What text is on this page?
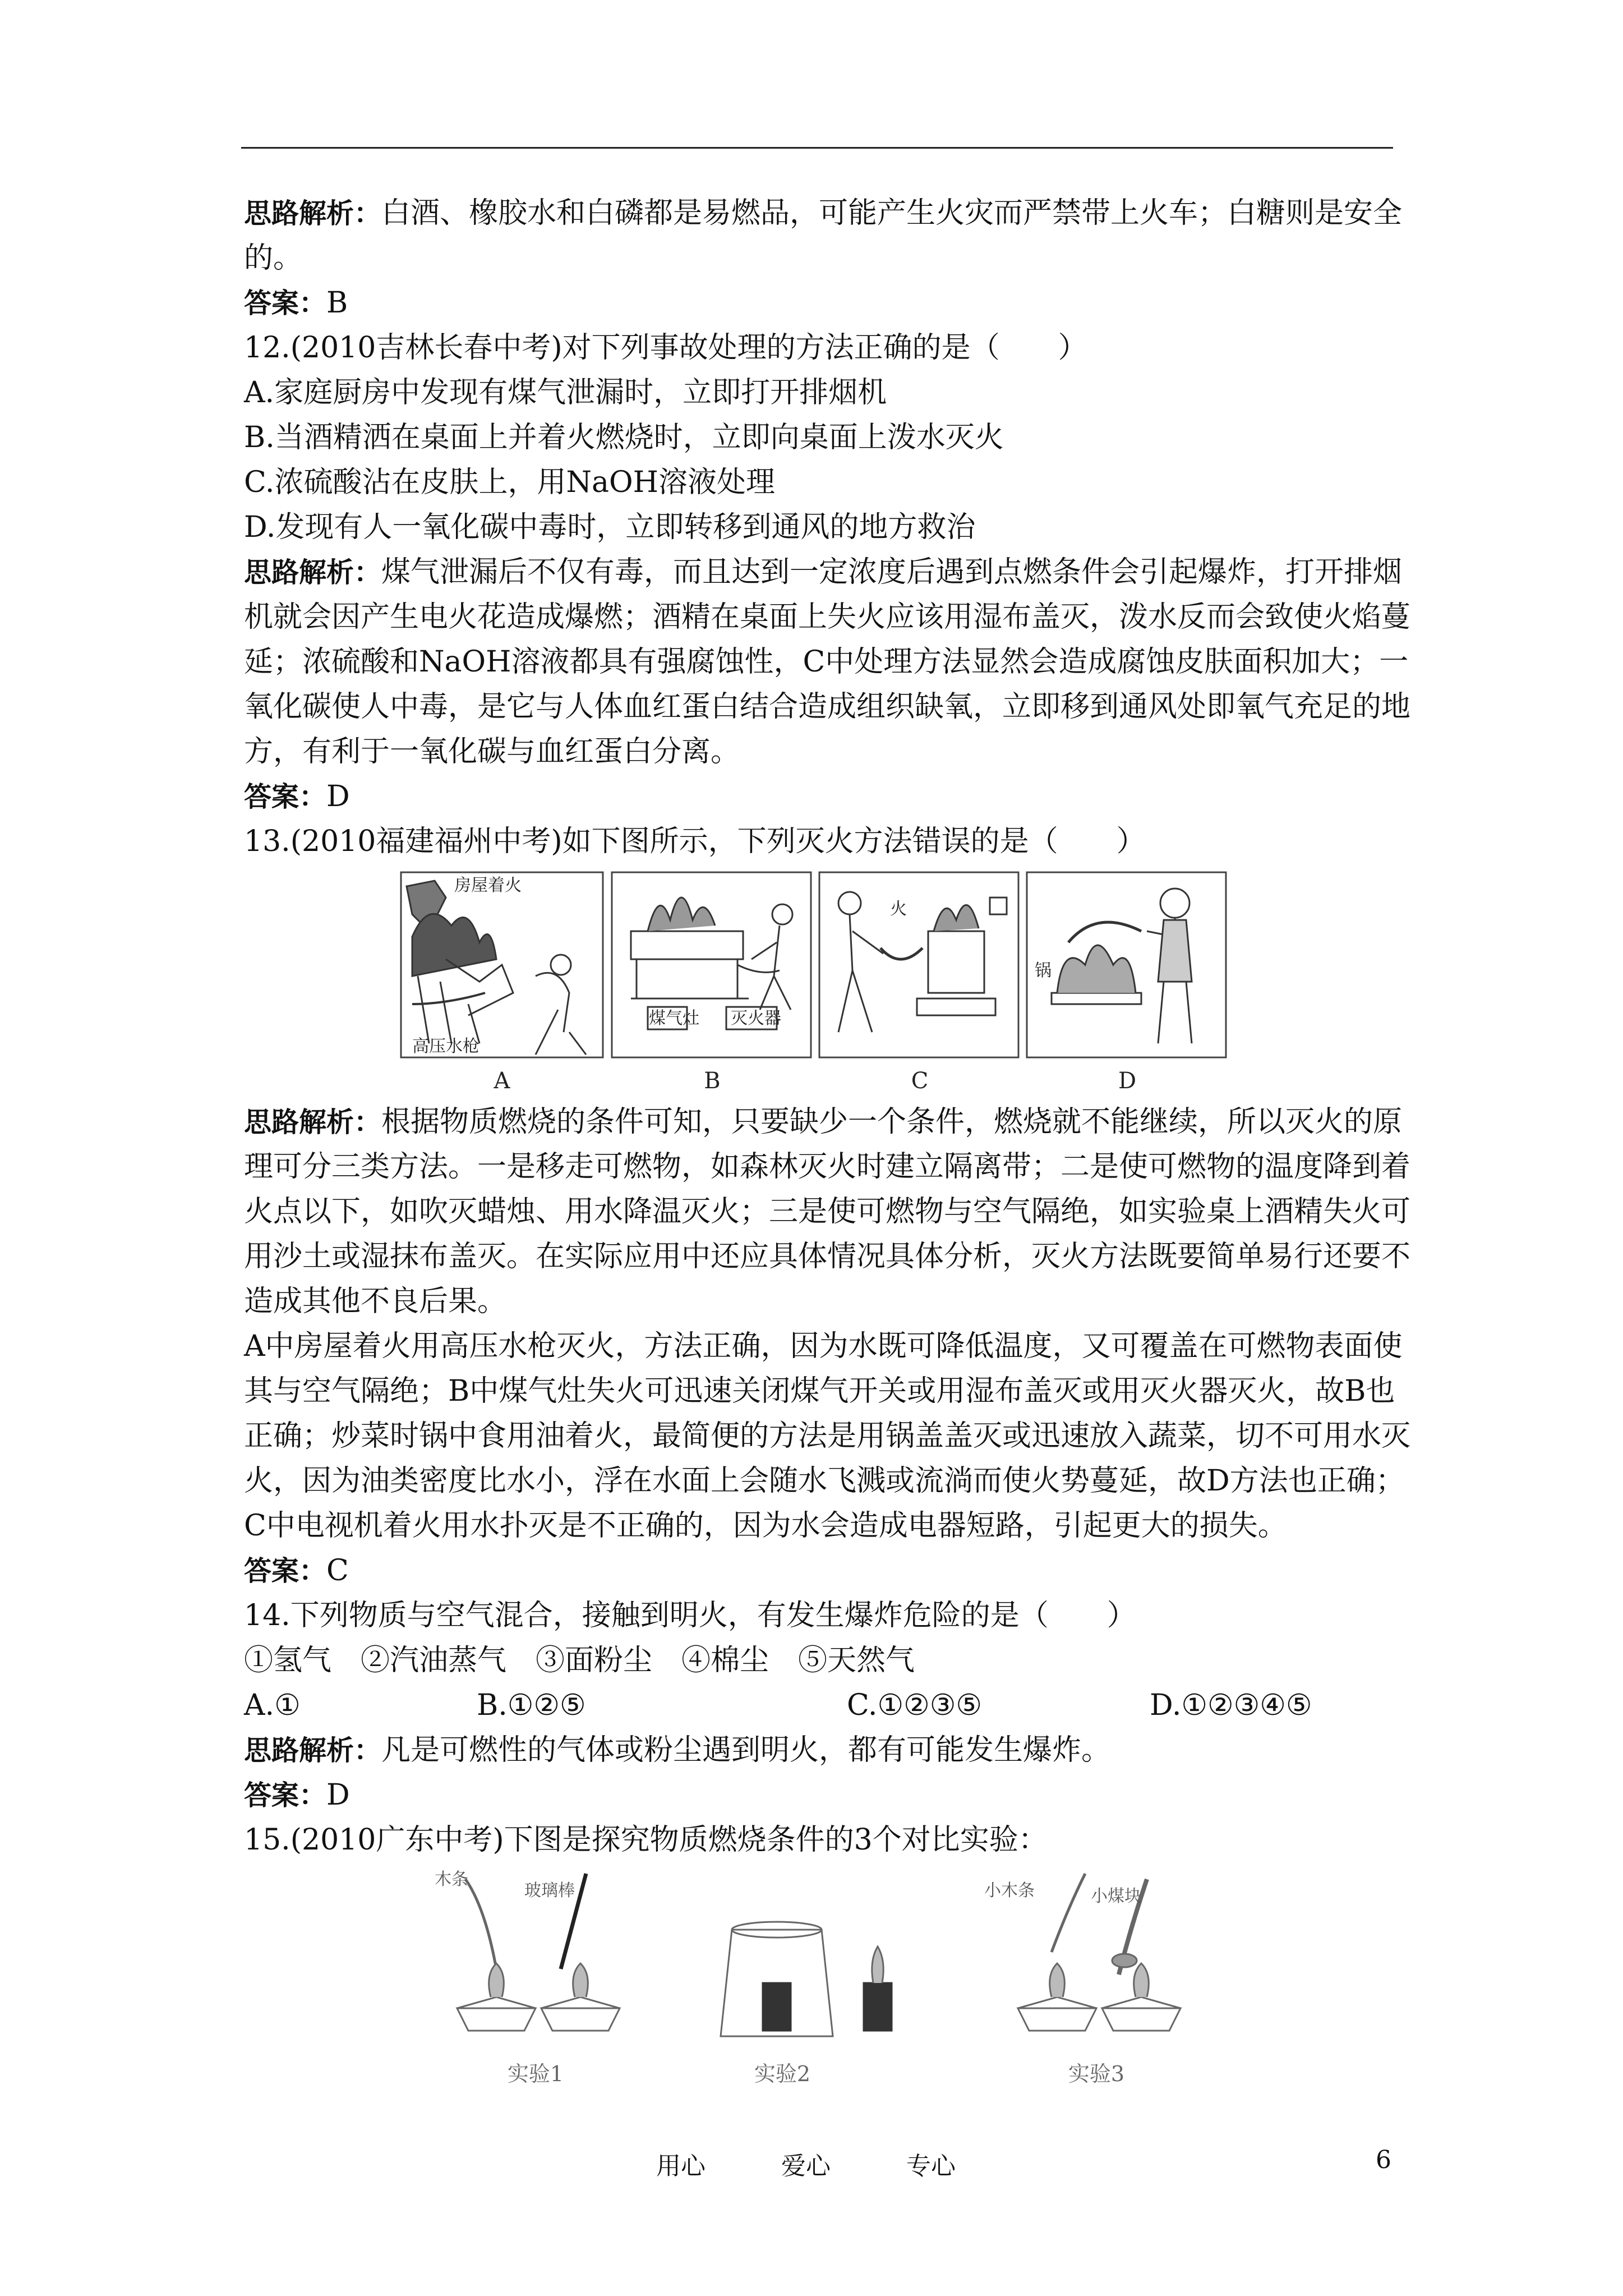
思路解析：白酒、橡胶水和白磷都是易燃品，可能产生火灾而严禁带上火车；白糖则是安全
的。
答案：B
12.(2010吉林长春中考)对下列事故处理的方法正确的是（　　）
A.家庭厨房中发现有煤气泄漏时，立即打开排烟机
B.当酒精洒在桌面上并着火燃烧时，立即向桌面上泼水灭火
C.浓硫酸沾在皮肤上，用NaOH溶液处理
D.发现有人一氧化碳中毒时，立即转移到通风的地方救治
思路解析：煤气泄漏后不仅有毒，而且达到一定浓度后遇到点燃条件会引起爆炸，打开排烟
机就会因产生电火花造成爆燃；酒精在桌面上失火应该用湿布盖灭，泼水反而会致使火焰蔓
延；浓硫酸和NaOH溶液都具有强腐蚀性，C中处理方法显然会造成腐蚀皮肤面积加大；一
氧化碳使人中毒，是它与人体血红蛋白结合造成组织缺氧，立即移到通风处即氧气充足的地
方，有利于一氧化碳与血红蛋白分离。
答案：D
13.(2010福建福州中考)如下图所示，下列灭火方法错误的是（　　）
房屋着火
高压水枪
煤气灶 灭火器
火
锅
A	B	C	D
思路解析：根据物质燃烧的条件可知，只要缺少一个条件，燃烧就不能继续，所以灭火的原
理可分三类方法。一是移走可燃物，如森林灭火时建立隔离带；二是使可燃物的温度降到着
火点以下，如吹灭蜡烛、用水降温灭火；三是使可燃物与空气隔绝，如实验桌上酒精失火可
用沙土或湿抹布盖灭。在实际应用中还应具体情况具体分析，灭火方法既要简单易行还要不
造成其他不良后果。
A中房屋着火用高压水枪灭火，方法正确，因为水既可降低温度，又可覆盖在可燃物表面使
其与空气隔绝；B中煤气灶失火可迅速关闭煤气开关或用湿布盖灭或用灭火器灭火，故B也
正确；炒菜时锅中食用油着火，最简便的方法是用锅盖盖灭或迅速放入蔬菜，切不可用水灭
火，因为油类密度比水小，浮在水面上会随水飞溅或流淌而使火势蔓延，故D方法也正确；
C中电视机着火用水扑灭是不正确的，因为水会造成电器短路，引起更大的损失。
答案：C
14.下列物质与空气混合，接触到明火，有发生爆炸危险的是（　　）
①氢气　②汽油蒸气　③面粉尘　④棉尘　⑤天然气
A.①	B.①②⑤	C.①②③⑤	D.①②③④⑤
思路解析：凡是可燃性的气体或粉尘遇到明火，都有可能发生爆炸。
答案：D
15.(2010广东中考)下图是探究物质燃烧条件的3个对比实验：
木条
玻璃棒	小木条	小煤块
实验1	实验2	实验3
用心	爱心	专心	6
